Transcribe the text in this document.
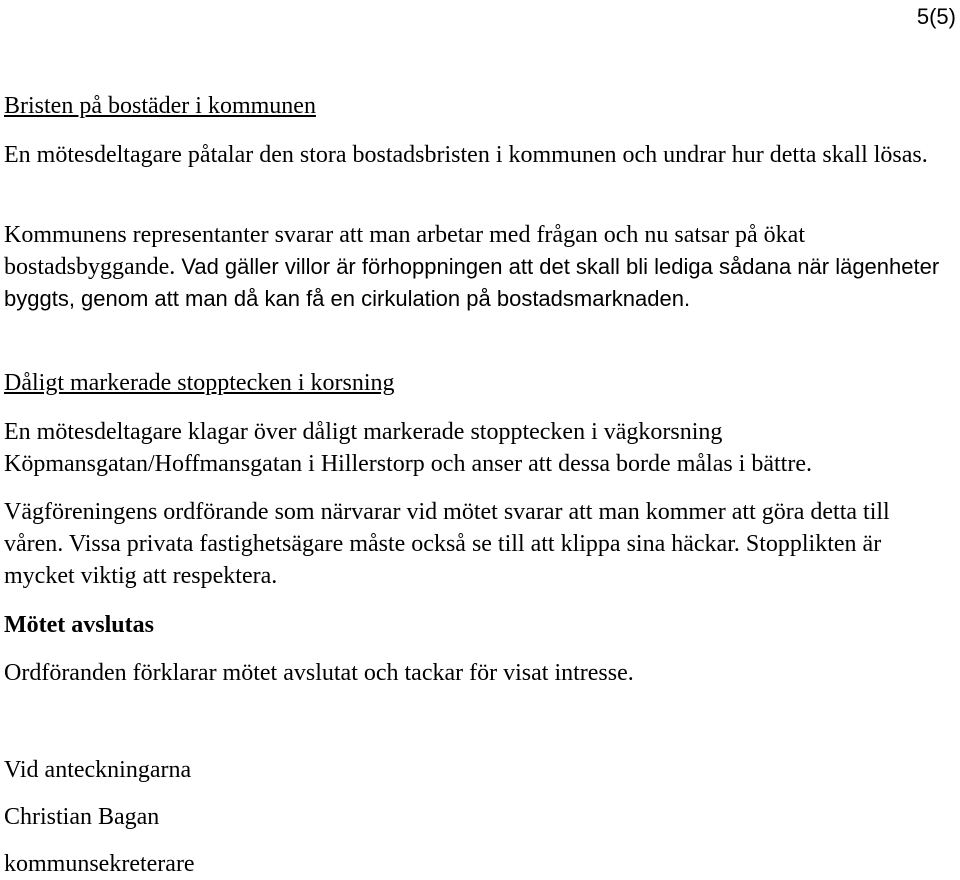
5(5)

Bristen på bostäder i kommunen

En mötesdeltagare påtalar den stora bostadsbristen i kommunen och undrar hur detta skall lösas.

Kommunens representanter svarar att man arbetar med frågan och nu satsar på ökat bostadsbyggande. Vad gäller villor är förhoppningen att det skall bli lediga sådana när lägenheter byggts, genom att man då kan få en cirkulation på bostadsmarknaden.

Dåligt markerade stopptecken i korsning

En mötesdeltagare klagar över dåligt markerade stopptecken i vägkorsning Köpmansgatan/Hoffmansgatan i Hillerstorp och anser att dessa borde målas i bättre.

Vägföreningens ordförande som närvarar vid mötet svarar att man kommer att göra detta till våren. Vissa privata fastighetsägare måste också se till att klippa sina häckar. Stopplikten är mycket viktig att respektera.

Mötet avslutas

Ordföranden förklarar mötet avslutat och tackar för visat intresse.

Vid anteckningarna

Christian Bagan

kommunsekreterare
